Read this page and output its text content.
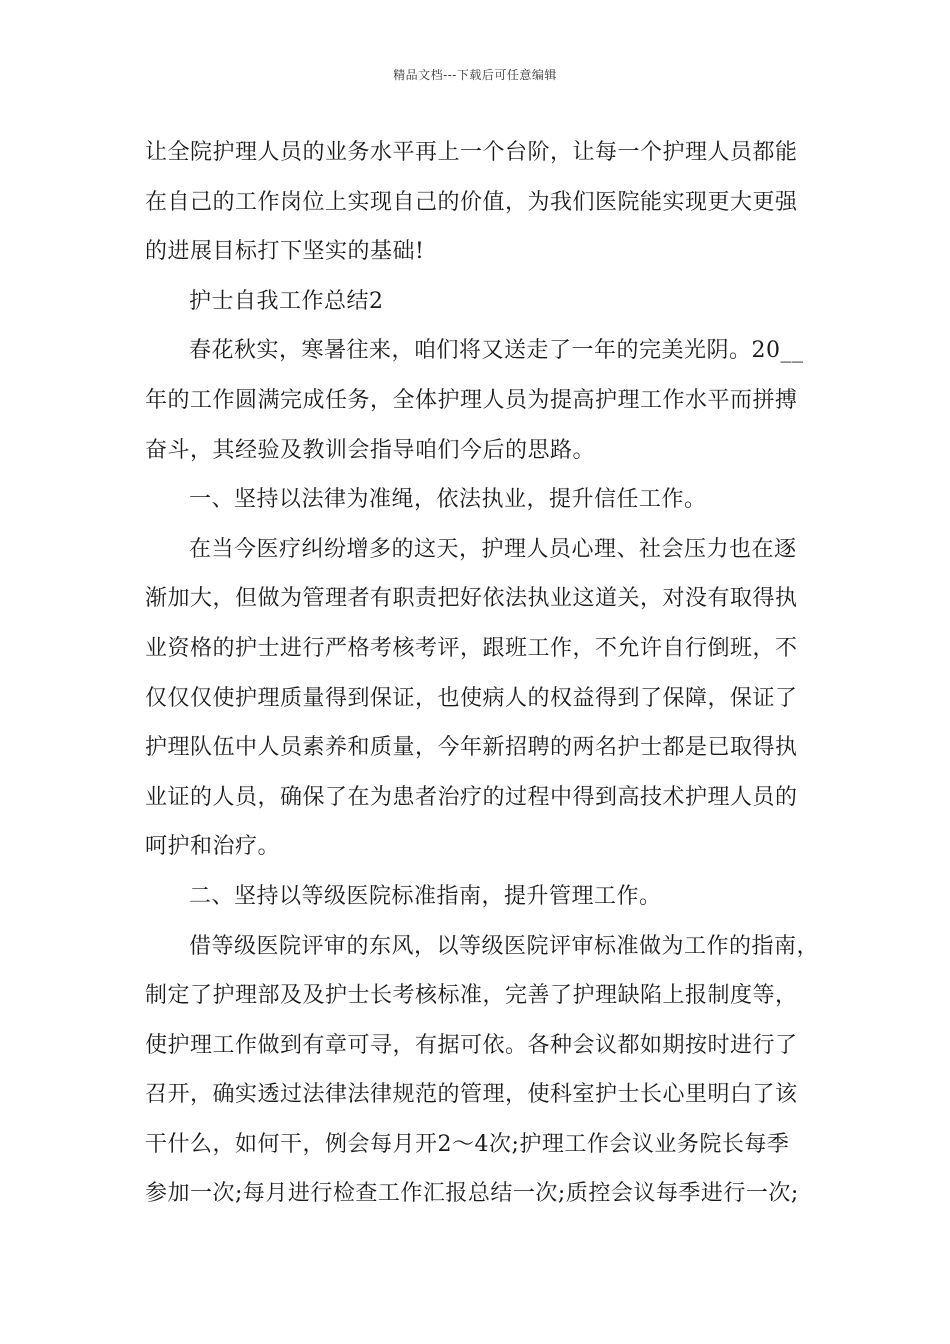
精品文档---下载后可任意编辑
让全院护理人员的业务水平再上一个台阶，让每一个护理人员都能
在自己的工作岗位上实现自己的价值，为我们医院能实现更大更强
的进展目标打下坚实的基础!
护士自我工作总结2
春花秋实，寒暑往来，咱们将又送走了一年的完美光阴。20__
年的工作圆满完成任务，全体护理人员为提高护理工作水平而拼搏
奋斗，其经验及教训会指导咱们今后的思路。
一、坚持以法律为准绳，依法执业，提升信任工作。
在当今医疗纠纷增多的这天，护理人员心理、社会压力也在逐
渐加大，但做为管理者有职责把好依法执业这道关，对没有取得执
业资格的护士进行严格考核考评，跟班工作，不允许自行倒班，不
仅仅仅使护理质量得到保证，也使病人的权益得到了保障，保证了
护理队伍中人员素养和质量，今年新招聘的两名护士都是已取得执
业证的人员，确保了在为患者治疗的过程中得到高技术护理人员的
呵护和治疗。
二、坚持以等级医院标准指南，提升管理工作。
借等级医院评审的东风，以等级医院评审标准做为工作的指南，
制定了护理部及及护士长考核标准，完善了护理缺陷上报制度等，
使护理工作做到有章可寻，有据可依。各种会议都如期按时进行了
召开，确实透过法律法律规范的管理，使科室护士长心里明白了该
干什么，如何干，例会每月开2～4次;护理工作会议业务院长每季
参加一次;每月进行检查工作汇报总结一次;质控会议每季进行一次;
